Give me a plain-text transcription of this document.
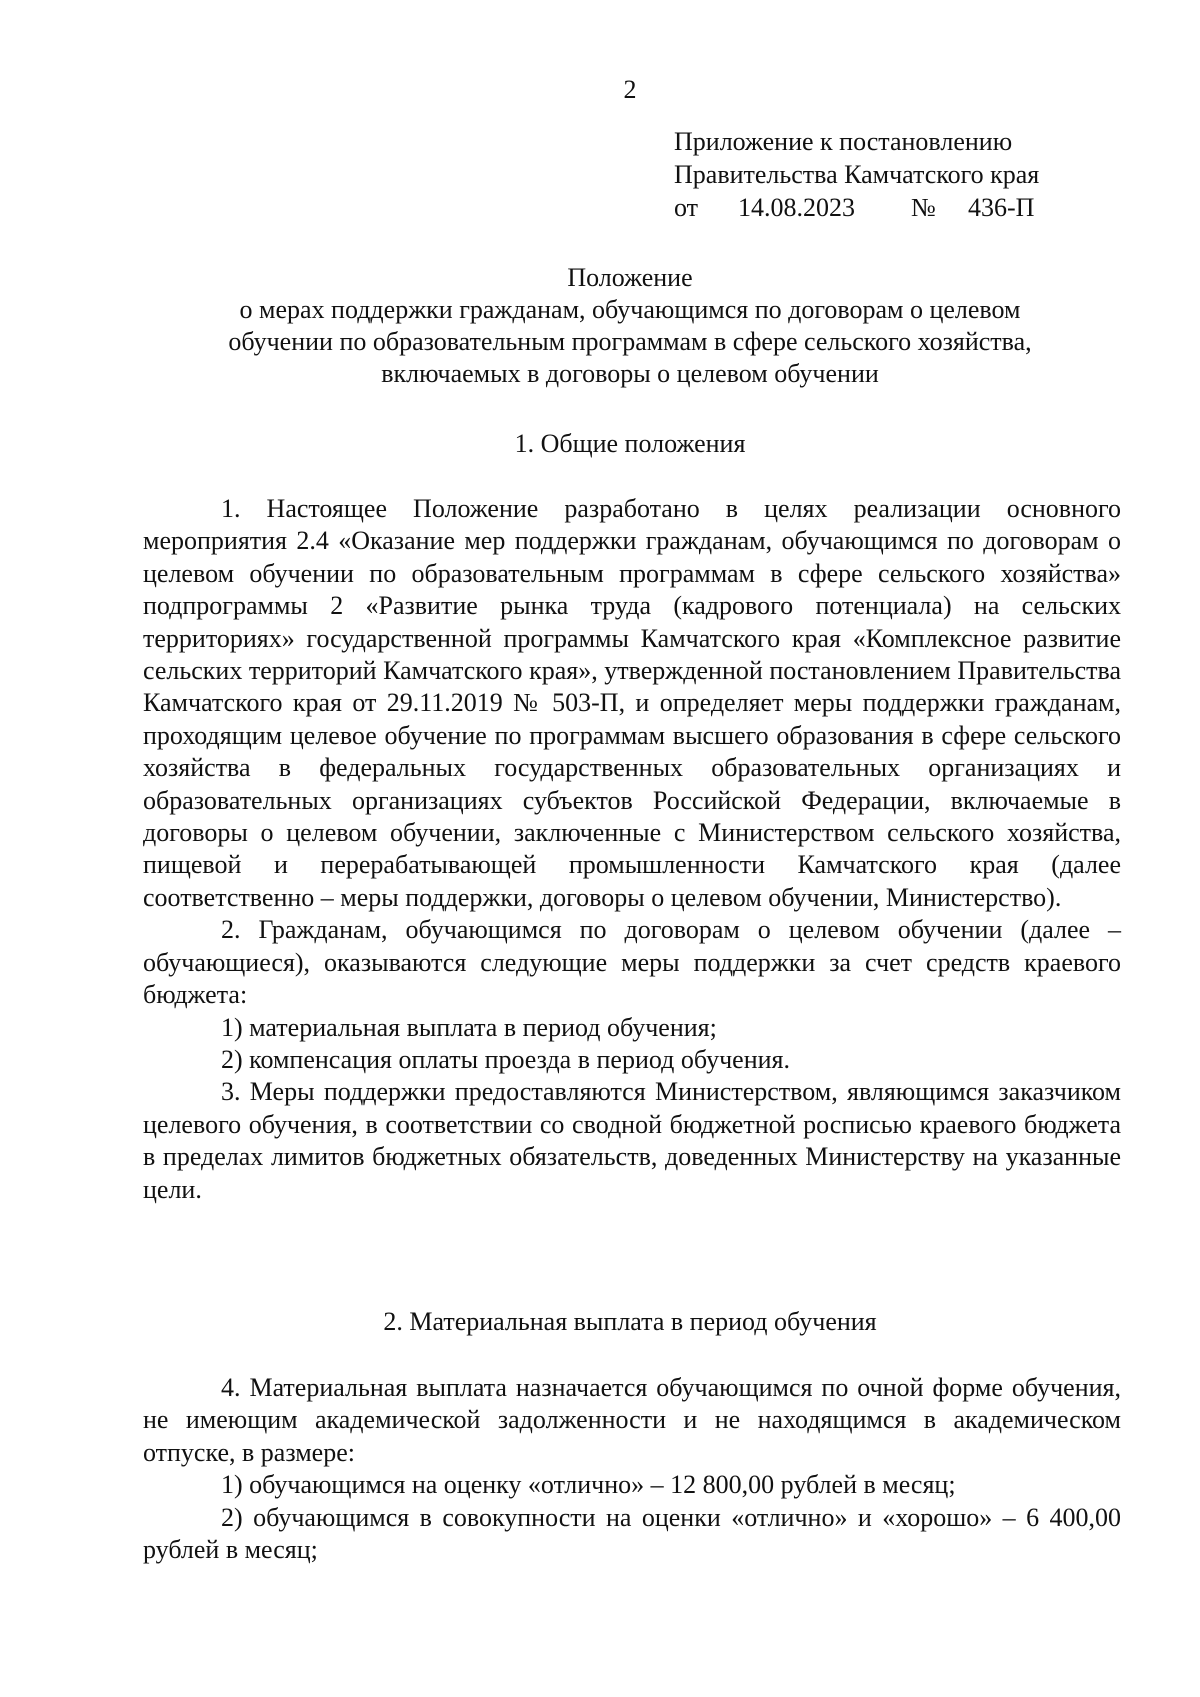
2
Приложение к постановлению
Правительства Камчатского края
от 14.08.2023 № 436-П
Положение
о мерах поддержки гражданам, обучающимся по договорам о целевом
обучении по образовательным программам в сфере сельского хозяйства,
включаемых в договоры о целевом обучении
1. Общие положения

1. Настоящее Положение разработано в целях реализации основного мероприятия 2.4 «Оказание мер поддержки гражданам, обучающимся по договорам о целевом обучении по образовательным программам в сфере сельского хозяйства» подпрограммы 2 «Развитие рынка труда (кадрового потенциала) на сельских территориях» государственной программы Камчатского края «Комплексное развитие сельских территорий Камчатского края», утвержденной постановлением Правительства Камчатского края от 29.11.2019 № 503-П, и определяет меры поддержки гражданам, проходящим целевое обучение по программам высшего образования в сфере сельского хозяйства в федеральных государственных образовательных организациях и образовательных организациях субъектов Российской Федерации, включаемые в договоры о целевом обучении, заключенные с Министерством сельского хозяйства, пищевой и перерабатывающей промышленности Камчатского края (далее соответственно – меры поддержки, договоры о целевом обучении, Министерство).

2. Гражданам, обучающимся по договорам о целевом обучении (далее – обучающиеся), оказываются следующие меры поддержки за счет средств краевого бюджета:

1) материальная выплата в период обучения;

2) компенсация оплаты проезда в период обучения.

3. Меры поддержки предоставляются Министерством, являющимся заказчиком целевого обучения, в соответствии со сводной бюджетной росписью краевого бюджета в пределах лимитов бюджетных обязательств, доведенных Министерству на указанные цели.

2. Материальная выплата в период обучения

4. Материальная выплата назначается обучающимся по очной форме обучения, не имеющим академической задолженности и не находящимся в академическом отпуске, в размере:

1) обучающимся на оценку «отлично» – 12 800,00 рублей в месяц;

2) обучающимся в совокупности на оценки «отлично» и «хорошо» – 6 400,00 рублей в месяц;
